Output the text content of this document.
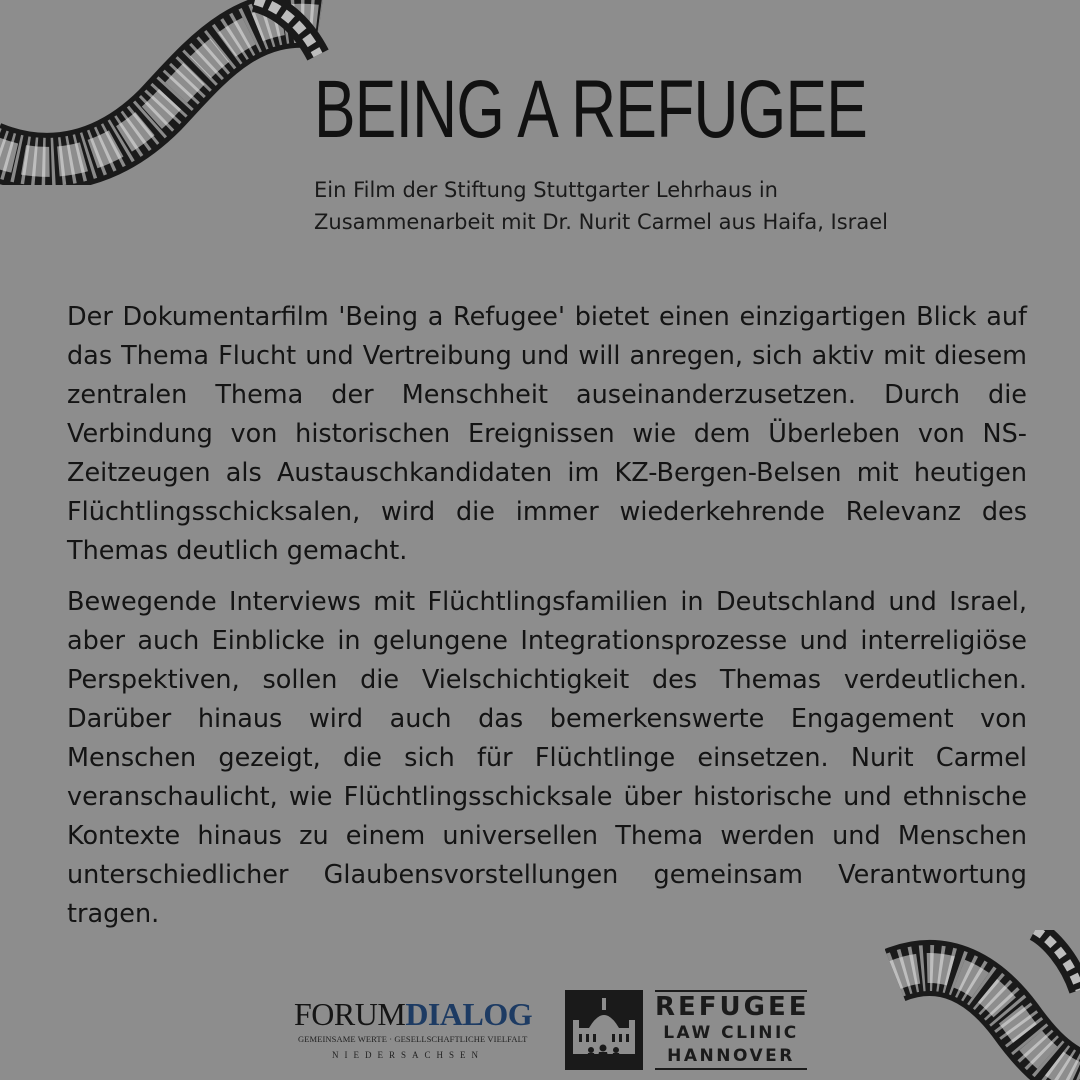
BEING A REFUGEE
Ein Film der Stiftung Stuttgarter Lehrhaus in
Zusammenarbeit mit Dr. Nurit Carmel aus Haifa, Israel

Der Dokumentarfilm 'Being a Refugee' bietet einen einzigartigen Blick auf das Thema Flucht und Vertreibung und will anregen, sich aktiv mit diesem zentralen Thema der Menschheit auseinanderzusetzen. Durch die Verbindung von historischen Ereignissen wie dem Überleben von NS-Zeitzeugen als Austauschkandidaten im KZ-Bergen-Belsen mit heutigen Flüchtlingsschicksalen, wird die immer wiederkehrende Relevanz des Themas deutlich gemacht.

Bewegende Interviews mit Flüchtlingsfamilien in Deutschland und Israel, aber auch Einblicke in gelungene Integrationsprozesse und interreligiöse Perspektiven, sollen die Vielschichtigkeit des Themas verdeutlichen. Darüber hinaus wird auch das bemerkenswerte Engagement von Menschen gezeigt, die sich für Flüchtlinge einsetzen. Nurit Carmel veranschaulicht, wie Flüchtlingsschicksale über historische und ethnische Kontexte hinaus zu einem universellen Thema werden und Menschen unterschiedlicher Glaubensvorstellungen gemeinsam Verantwortung tragen.

FORUMDIALOG
GEMEINSAME WERTE · GESELLSCHAFTLICHE VIELFALT
NIEDERSACHSEN
REFUGEE
LAW CLINIC
HANNOVER
